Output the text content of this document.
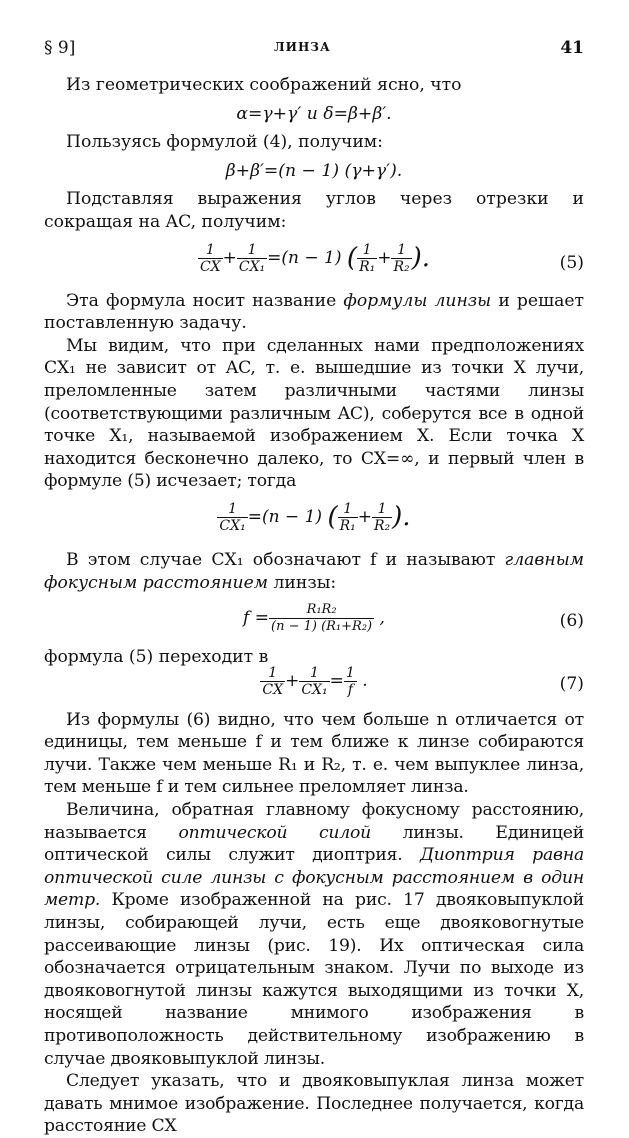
§ 9]	ЛИНЗА	41

Из геометрических соображений ясно, что

α=γ+γ′ и δ=β+β′.

Пользуясь формулой (4), получим:

β+β′=(n − 1) (γ+γ′).

Подставляя выражения углов через отрезки и сокращая на AC, получим:

$\frac{1}{CX} + \frac{1}{\text{CX₁}} =(n - 1)$ ( $\frac{1}{\text{R₁}} + \frac{1}{\text{R₂}}$ ).	(5)

Эта формула носит название формулы линзы и решает поставленную задачу.

Мы видим, что при сделанных нами предположениях CX₁ не зависит от AC, т. е. вышедшие из точки X лучи, преломленные затем различными частями линзы (соответствующими различным AC), соберутся все в одной точке X₁, называемой изображением X. Если точка X находится бесконечно далеко, то CX=∞, и первый член в формуле (5) исчезает; тогда

$\frac{1}{\text{CX₁}} =(n - 1)$ ( $\frac{1}{\text{R₁}} + \frac{1}{\text{R₂}}$ ).

В этом случае CX₁ обозначают f и называют главным фокусным расстоянием линзы:

$f = \frac{\text{R₁R₂}}{\text{(n − 1) (R₁+R₂)}}$ ,	(6)

формула (5) переходит в

$\frac{1}{CX} + \frac{1}{\text{CX₁}} = \frac{1}{f}$ .	(7)

Из формулы (6) видно, что чем больше n отличается от единицы, тем меньше f и тем ближе к линзе собираются лучи. Также чем меньше R₁ и R₂, т. е. чем выпуклее линза, тем меньше f и тем сильнее преломляет линза.

Величина, обратная главному фокусному расстоянию, называется оптической силой линзы. Единицей оптической силы служит диоптрия. Диоптрия равна оптической силе линзы с фокусным расстоянием в один метр. Кроме изображенной на рис. 17 двояковыпуклой линзы, собирающей лучи, есть еще двояковогнутые рассеивающие линзы (рис. 19). Их оптическая сила обозначается отрицательным знаком. Лучи по выходе из двояковогнутой линзы кажутся выходящими из точки X, носящей название мнимого изображения в противоположность действительному изображению в случае двояковыпуклой линзы.

Следует указать, что и двояковыпуклая линза может давать мнимое изображение. Последнее получается, когда расстояние CX
